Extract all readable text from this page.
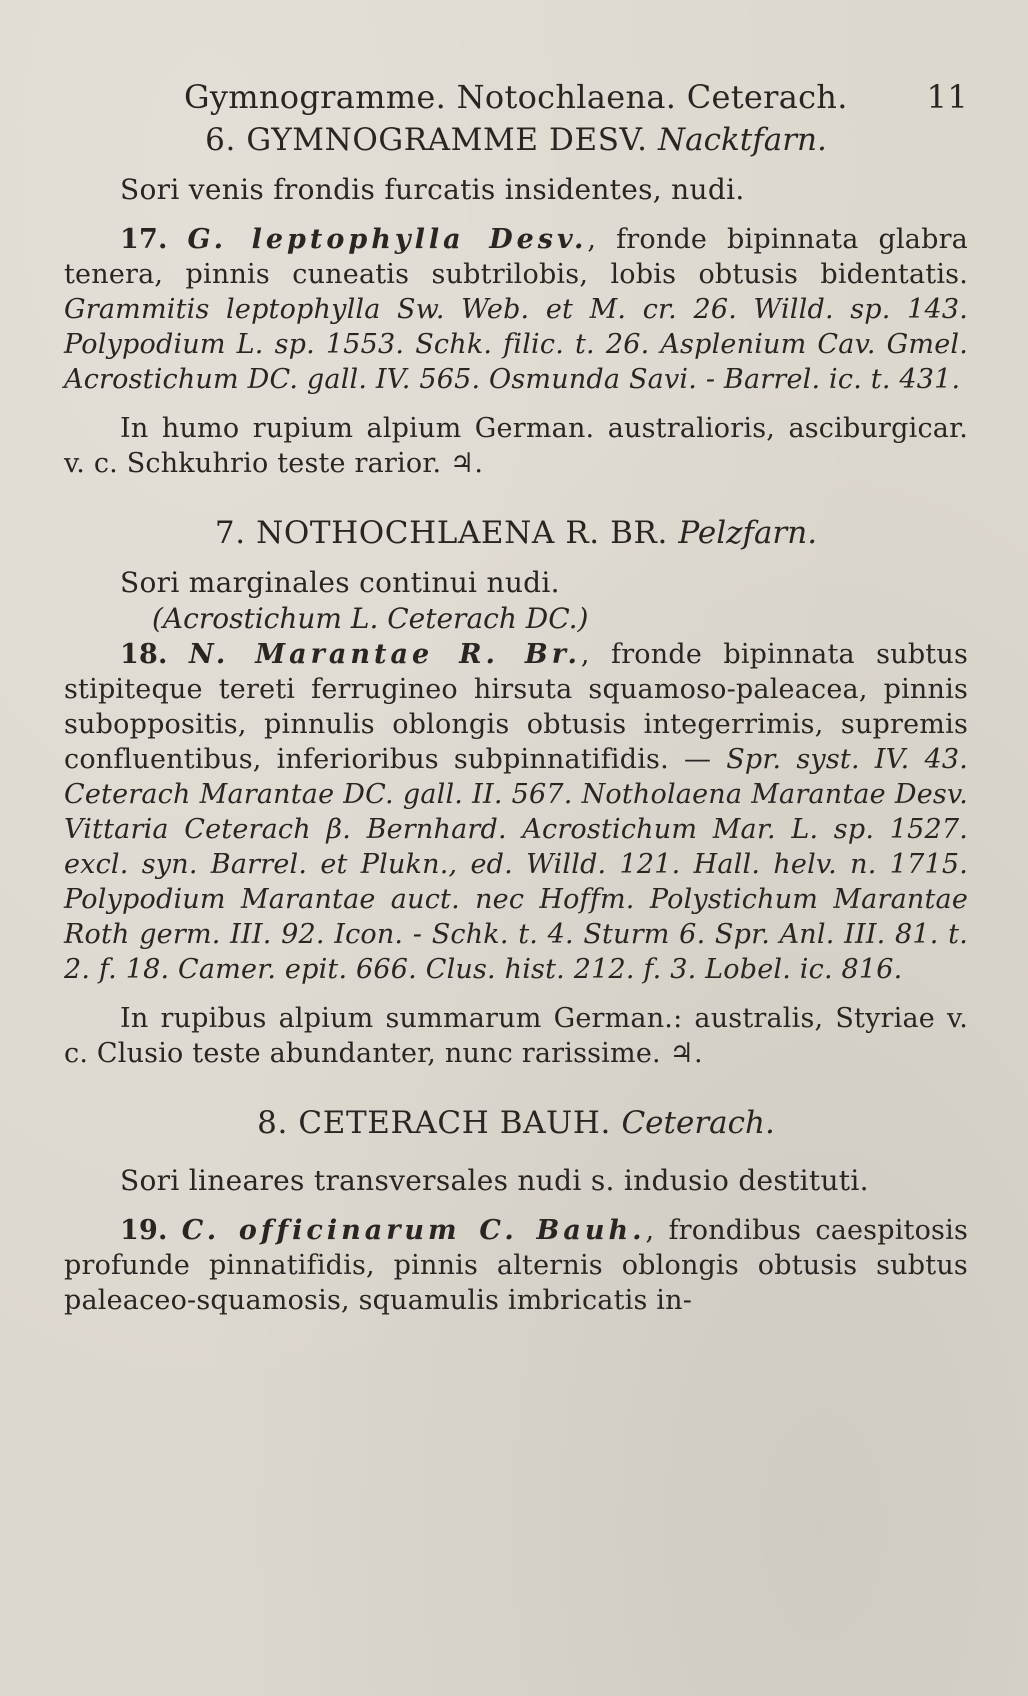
Gymnogramme. Notochlaena. Ceterach. 11

6. GYMNOGRAMME DESV. Nacktfarn.

Sori venis frondis furcatis insidentes, nudi.

17. G. leptophylla Desv., fronde bipinnata glabra tenera, pinnis cuneatis subtrilobis, lobis obtusis bidentatis. Grammitis leptophylla Sw. Web. et M. cr. 26. Willd. sp. 143. Polypodium L. sp. 1553. Schk. filic. t. 26. Asplenium Cav. Gmel. Acrostichum DC. gall. IV. 565. Osmunda Savi. - Barrel. ic. t. 431.

In humo rupium alpium German. australioris, asciburgicar. v. c. Schkuhrio teste rarior. ♃.

7. NOTHOCHLAENA R. BR. Pelzfarn.

Sori marginales continui nudi.

(Acrostichum L. Ceterach DC.)

18. N. Marantae R. Br., fronde bipinnata subtus stipiteque tereti ferrugineo hirsuta squamoso-paleacea, pinnis suboppositis, pinnulis oblongis obtusis integerrimis, supremis confluentibus, inferioribus subpinnatifidis. — Spr. syst. IV. 43. Ceterach Marantae DC. gall. II. 567. Notholaena Marantae Desv. Vittaria Ceterach β. Bernhard. Acrostichum Mar. L. sp. 1527. excl. syn. Barrel. et Plukn., ed. Willd. 121. Hall. helv. n. 1715. Polypodium Marantae auct. nec Hoffm. Polystichum Marantae Roth germ. III. 92. Icon. - Schk. t. 4. Sturm 6. Spr. Anl. III. 81. t. 2. f. 18. Camer. epit. 666. Clus. hist. 212. f. 3. Lobel. ic. 816.

In rupibus alpium summarum German.: australis, Styriae v. c. Clusio teste abundanter, nunc rarissime. ♃.

8. CETERACH BAUH. Ceterach.

Sori lineares transversales nudi s. indusio destituti.

19. C. officinarum C. Bauh., frondibus caespitosis profunde pinnatifidis, pinnis alternis oblongis obtusis subtus paleaceo-squamosis, squamulis imbricatis in-
